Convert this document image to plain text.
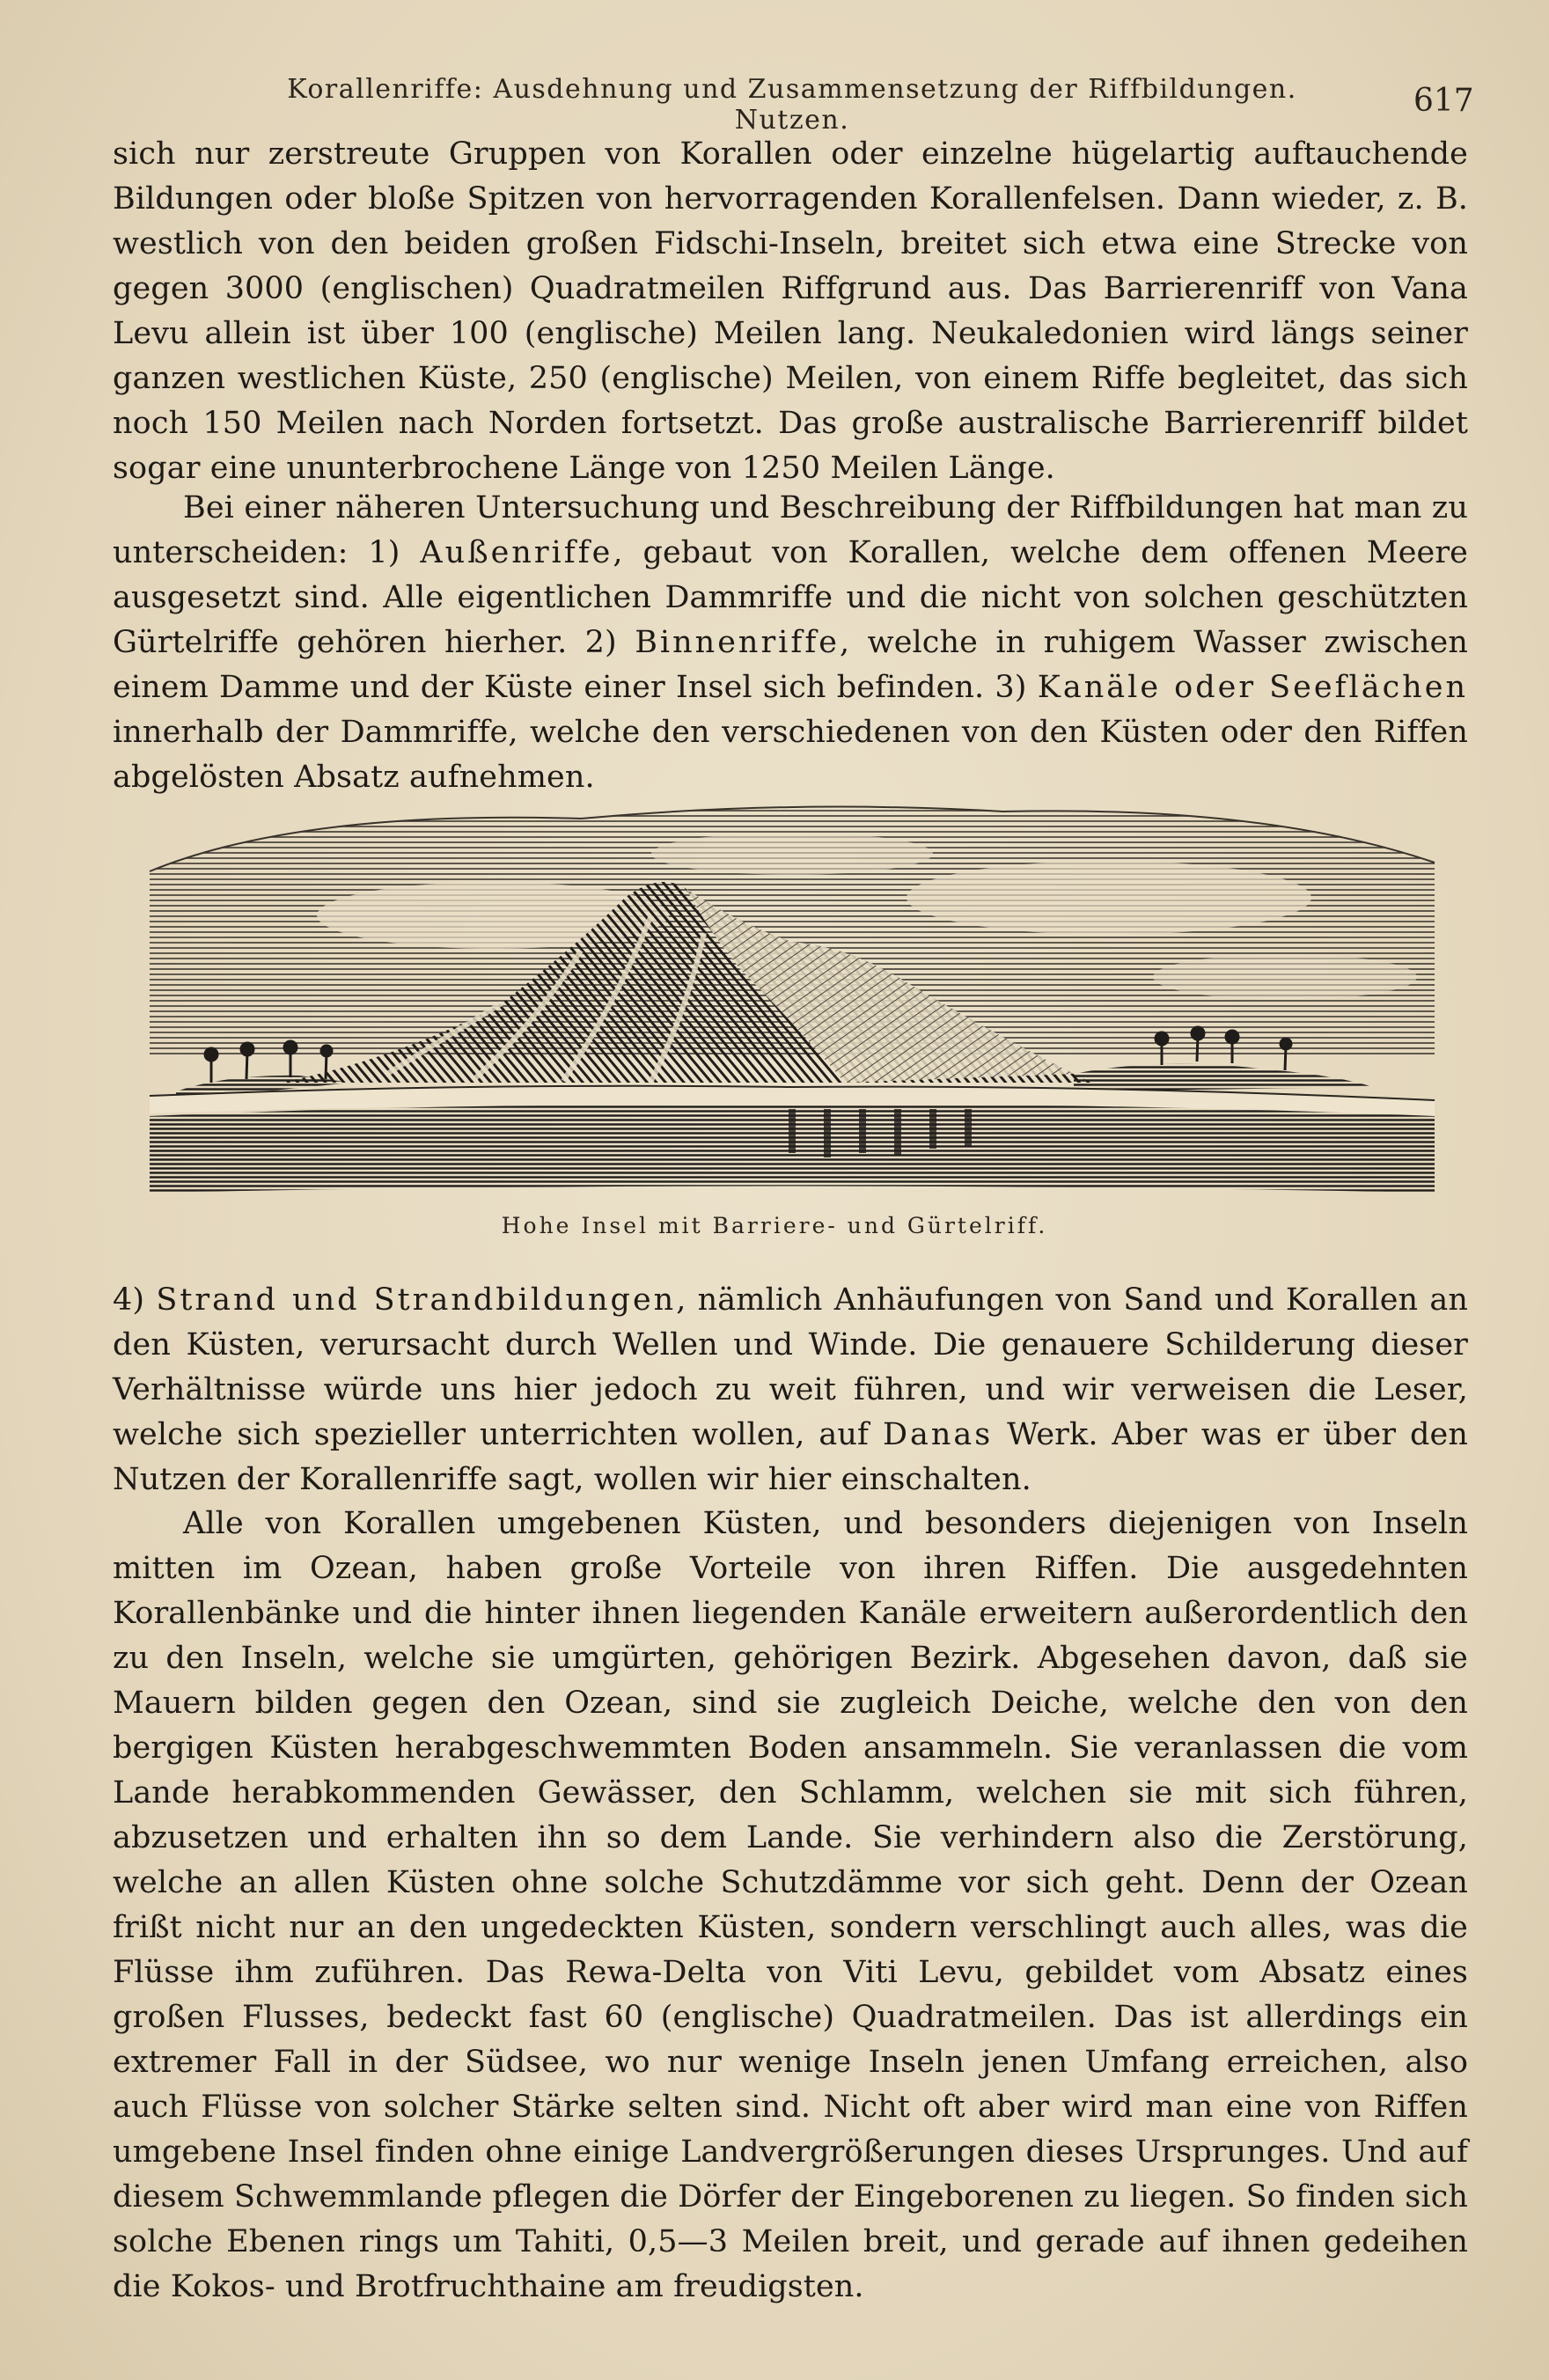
Korallenriffe: Ausdehnung und Zusammensetzung der Riffbildungen. Nutzen.
617

sich nur zerstreute Gruppen von Korallen oder einzelne hügelartig auftauchende Bildungen oder bloße Spitzen von hervorragenden Korallenfelsen. Dann wieder, z. B. westlich von den beiden großen Fidschi-Inseln, breitet sich etwa eine Strecke von gegen 3000 (englischen) Quadratmeilen Riffgrund aus. Das Barrierenriff von Vana Levu allein ist über 100 (englische) Meilen lang. Neukaledonien wird längs seiner ganzen westlichen Küste, 250 (englische) Meilen, von einem Riffe begleitet, das sich noch 150 Meilen nach Norden fortsetzt. Das große australische Barrierenriff bildet sogar eine ununterbrochene Länge von 1250 Meilen Länge.

Bei einer näheren Untersuchung und Beschreibung der Riffbildungen hat man zu unterscheiden: 1) Außenriffe, gebaut von Korallen, welche dem offenen Meere ausgesetzt sind. Alle eigentlichen Dammriffe und die nicht von solchen geschützten Gürtelriffe gehören hierher. 2) Binnenriffe, welche in ruhigem Wasser zwischen einem Damme und der Küste einer Insel sich befinden. 3) Kanäle oder Seeflächen innerhalb der Dammriffe, welche den verschiedenen von den Küsten oder den Riffen abgelösten Absatz aufnehmen.

Hohe Insel mit Barriere- und Gürtelriff.

4) Strand und Strandbildungen, nämlich Anhäufungen von Sand und Korallen an den Küsten, verursacht durch Wellen und Winde. Die genauere Schilderung dieser Verhältnisse würde uns hier jedoch zu weit führen, und wir verweisen die Leser, welche sich spezieller unterrichten wollen, auf Danas Werk. Aber was er über den Nutzen der Korallenriffe sagt, wollen wir hier einschalten.

Alle von Korallen umgebenen Küsten, und besonders diejenigen von Inseln mitten im Ozean, haben große Vorteile von ihren Riffen. Die ausgedehnten Korallenbänke und die hinter ihnen liegenden Kanäle erweitern außerordentlich den zu den Inseln, welche sie umgürten, gehörigen Bezirk. Abgesehen davon, daß sie Mauern bilden gegen den Ozean, sind sie zugleich Deiche, welche den von den bergigen Küsten herabgeschwemmten Boden ansammeln. Sie veranlassen die vom Lande herabkommenden Gewässer, den Schlamm, welchen sie mit sich führen, abzusetzen und erhalten ihn so dem Lande. Sie verhindern also die Zerstörung, welche an allen Küsten ohne solche Schutzdämme vor sich geht. Denn der Ozean frißt nicht nur an den ungedeckten Küsten, sondern verschlingt auch alles, was die Flüsse ihm zuführen. Das Rewa-Delta von Viti Levu, gebildet vom Absatz eines großen Flusses, bedeckt fast 60 (englische) Quadratmeilen. Das ist allerdings ein extremer Fall in der Südsee, wo nur wenige Inseln jenen Umfang erreichen, also auch Flüsse von solcher Stärke selten sind. Nicht oft aber wird man eine von Riffen umgebene Insel finden ohne einige Landvergrößerungen dieses Ursprunges. Und auf diesem Schwemmlande pflegen die Dörfer der Eingeborenen zu liegen. So finden sich solche Ebenen rings um Tahiti, 0,5—3 Meilen breit, und gerade auf ihnen gedeihen die Kokos- und Brotfruchthaine am freudigsten.
